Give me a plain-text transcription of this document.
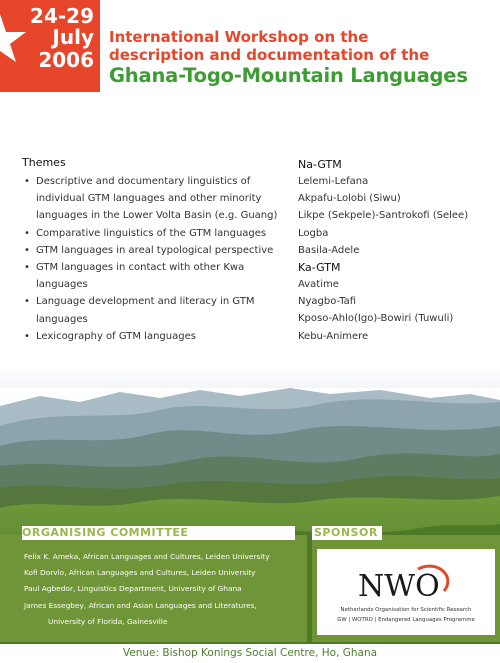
24-29
July
2006
International Workshop on the
description and documentation of the
Ghana-Togo-Mountain Languages
Themes
• Descriptive and documentary linguistics of
individual GTM languages and other minority
languages in the Lower Volta Basin (e.g. Guang)
• Comparative linguistics of the GTM languages
• GTM languages in areal typological perspective
• GTM languages in contact with other Kwa
languages
• Language development and literacy in GTM
languages
• Lexicography of GTM languages
Na-GTM
Lelemi-Lefana
Akpafu-Lolobi (Siwu)
Likpe (Sekpele)-Santrokofi (Selee)
Logba
Basila-Adele
Ka-GTM
Avatime
Nyagbo-Tafi
Kposo-Ahlo(Igo)-Bowiri (Tuwuli)
Kebu-Animere
ORGANISING COMMITTEE
Felix K. Ameka, African Languages and Cultures, Leiden University
Kofi Dorvlo, African Languages and Cultures, Leiden University
Paul Agbedor, Linguistics Department, University of Ghana
James Essegbey, African and Asian Languages and Literatures,
University of Florida, Gainesville
SPONSOR
NWO
Netherlands Organisation for Scientific Research
GW | WOTRO | Endangered Languages Programme
Venue: Bishop Konings Social Centre, Ho, Ghana
